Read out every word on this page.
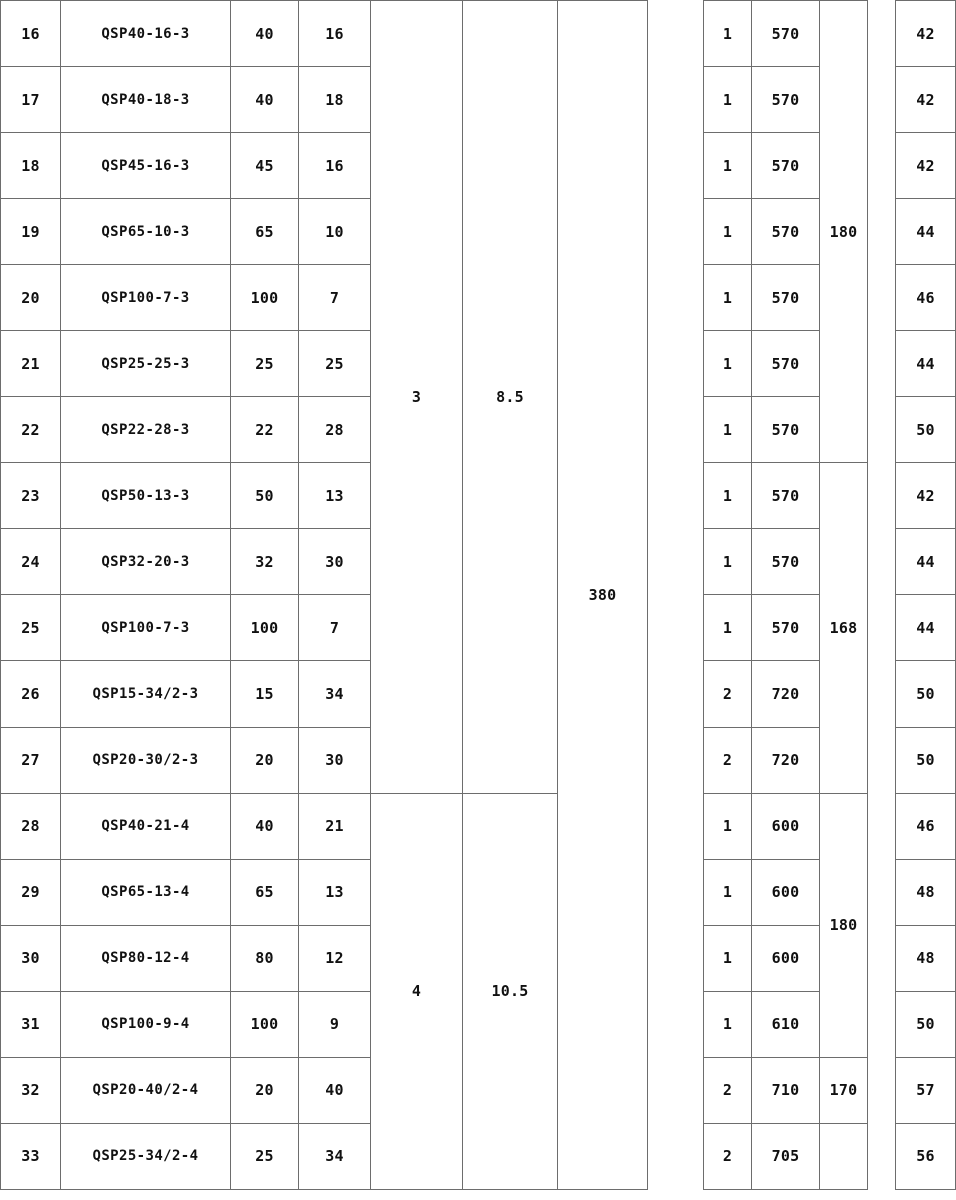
16	QSP40-16-3	40	16	3	8.5	380		1	570	180		42
17	QSP40-18-3	40	18					1	570			42
18	QSP45-16-3	45	16					1	570			42
19	QSP65-10-3	65	10					1	570			44
20	QSP100-7-3	100	7					1	570			46
21	QSP25-25-3	25	25					1	570			44
22	QSP22-28-3	22	28					1	570			50
23	QSP50-13-3	50	13					1	570	168		42
24	QSP32-20-3	32	30					1	570			44
25	QSP100-7-3	100	7					1	570			44
26	QSP15-34/2-3	15	34					2	720			50
27	QSP20-30/2-3	20	30					2	720			50
28	QSP40-21-4	40	21	4	10.5			1	600	180		46
29	QSP65-13-4	65	13					1	600			48
30	QSP80-12-4	80	12					1	600			48
31	QSP100-9-4	100	9					1	610			50
32	QSP20-40/2-4	20	40					2	710	170		57
33	QSP25-34/2-4	25	34					2	705			56
